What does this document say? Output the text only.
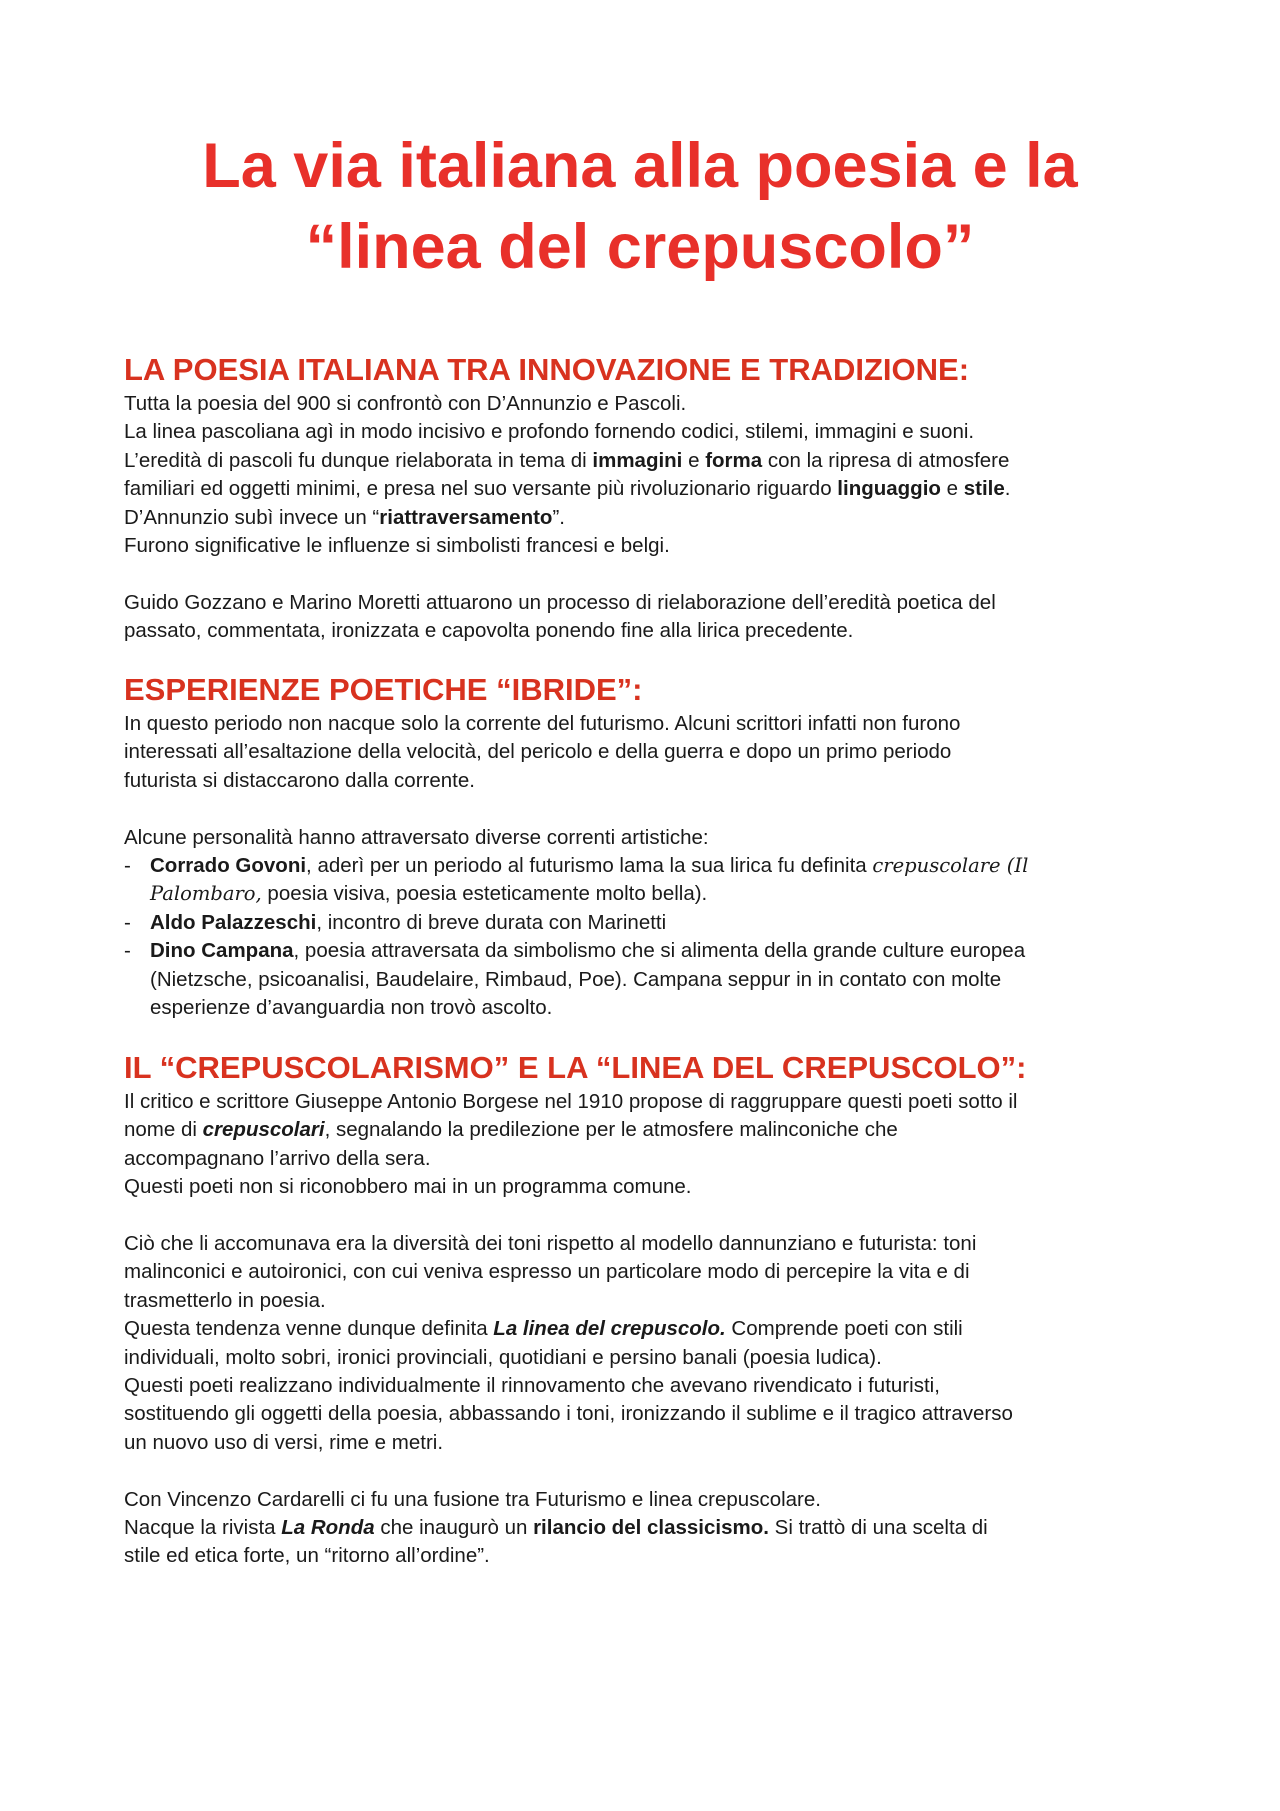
La via italiana alla poesia e la
“linea del crepuscolo”
LA POESIA ITALIANA TRA INNOVAZIONE E TRADIZIONE:
Tutta la poesia del 900 si confrontò con D’Annunzio e Pascoli.
La linea pascoliana agì in modo incisivo e profondo fornendo codici, stilemi, immagini e suoni.
L’eredità di pascoli fu dunque rielaborata in tema di immagini e forma con la ripresa di atmosfere
familiari ed oggetti minimi, e presa nel suo versante più rivoluzionario riguardo linguaggio e stile.
D’Annunzio subì invece un “riattraversamento”.
Furono significative le influenze si simbolisti francesi e belgi.
Guido Gozzano e Marino Moretti attuarono un processo di rielaborazione dell’eredità poetica del
passato, commentata, ironizzata e capovolta ponendo fine alla lirica precedente.
ESPERIENZE POETICHE “IBRIDE”:
In questo periodo non nacque solo la corrente del futurismo. Alcuni scrittori infatti non furono
interessati all’esaltazione della velocità, del pericolo e della guerra e dopo un primo periodo
futurista si distaccarono dalla corrente.
Alcune personalità hanno attraversato diverse correnti artistiche:
- Corrado Govoni, aderì per un periodo al futurismo lama la sua lirica fu definita crepuscolare (Il
Palombaro, poesia visiva, poesia esteticamente molto bella).
- Aldo Palazzeschi, incontro di breve durata con Marinetti
- Dino Campana, poesia attraversata da simbolismo che si alimenta della grande culture europea
(Nietzsche, psicoanalisi, Baudelaire, Rimbaud, Poe). Campana seppur in in contato con molte
esperienze d’avanguardia non trovò ascolto.
IL “CREPUSCOLARISMO” E LA “LINEA DEL CREPUSCOLO”:
Il critico e scrittore Giuseppe Antonio Borgese nel 1910 propose di raggruppare questi poeti sotto il
nome di crepuscolari, segnalando la predilezione per le atmosfere malinconiche che
accompagnano l’arrivo della sera.
Questi poeti non si riconobbero mai in un programma comune.
Ciò che li accomunava era la diversità dei toni rispetto al modello dannunziano e futurista: toni
malinconici e autoironici, con cui veniva espresso un particolare modo di percepire la vita e di
trasmetterlo in poesia.
Questa tendenza venne dunque definita La linea del crepuscolo. Comprende poeti con stili
individuali, molto sobri, ironici provinciali, quotidiani e persino banali (poesia ludica).
Questi poeti realizzano individualmente il rinnovamento che avevano rivendicato i futuristi,
sostituendo gli oggetti della poesia, abbassando i toni, ironizzando il sublime e il tragico attraverso
un nuovo uso di versi, rime e metri.
Con Vincenzo Cardarelli ci fu una fusione tra Futurismo e linea crepuscolare.
Nacque la rivista La Ronda che inaugurò un rilancio del classicismo. Si trattò di una scelta di
stile ed etica forte, un “ritorno all’ordine”.
